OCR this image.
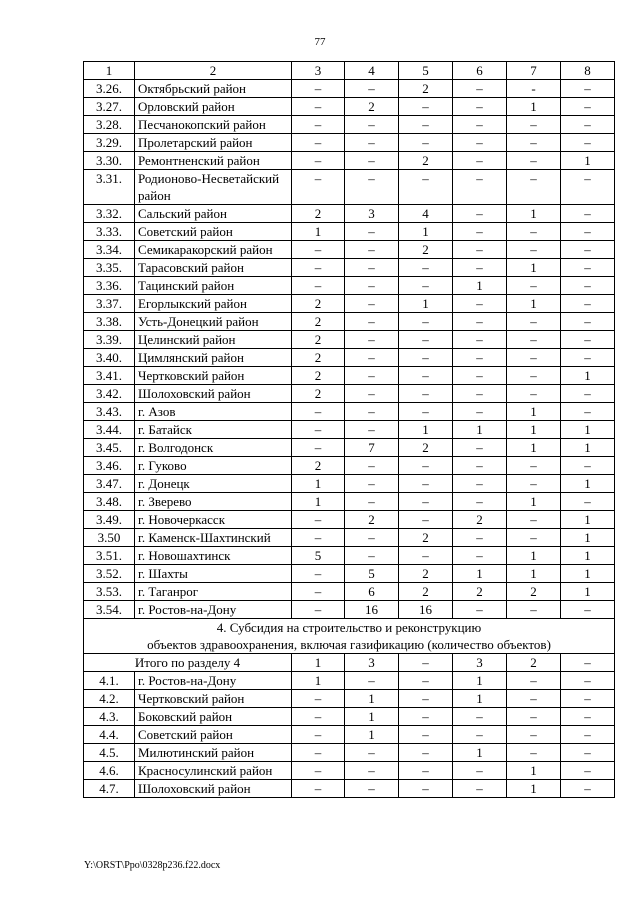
77
1	2	3	4	5	6	7	8
3.26.	Октябрьский район	–	–	2	–	-	–
3.27.	Орловский район	–	2	–	–	1	–
3.28.	Песчанокопский район	–	–	–	–	–	–
3.29.	Пролетарский район	–	–	–	–	–	–
3.30.	Ремонтненский район	–	–	2	–	–	1
3.31.	Родионово-Несветайский район	–	–	–	–	–	–
3.32.	Сальский район	2	3	4	–	1	–
3.33.	Советский район	1	–	1	–	–	–
3.34.	Семикаракорский район	–	–	2	–	–	–
3.35.	Тарасовский район	–	–	–	–	1	–
3.36.	Тацинский район	–	–	–	1	–	–
3.37.	Егорлыкский район	2	–	1	–	1	–
3.38.	Усть-Донецкий район	2	–	–	–	–	–
3.39.	Целинский район	2	–	–	–	–	–
3.40.	Цимлянский район	2	–	–	–	–	–
3.41.	Чертковский район	2	–	–	–	–	1
3.42.	Шолоховский район	2	–	–	–	–	–
3.43.	г. Азов	–	–	–	–	1	–
3.44.	г. Батайск	–	–	1	1	1	1
3.45.	г. Волгодонск	–	7	2	–	1	1
3.46.	г. Гуково	2	–	–	–	–	–
3.47.	г. Донецк	1	–	–	–	–	1
3.48.	г. Зверево	1	–	–	–	1	–
3.49.	г. Новочеркасск	–	2	–	2	–	1
3.50	г. Каменск-Шахтинский	–	–	2	–	–	1
3.51.	г. Новошахтинск	5	–	–	–	1	1
3.52.	г. Шахты	–	5	2	1	1	1
3.53.	г. Таганрог	–	6	2	2	2	1
3.54.	г. Ростов-на-Дону	–	16	16	–	–	–

4. Субсидия на строительство и реконструкцию
объектов здравоохранения, включая газификацию (количество объектов)							

Итого по разделу 4		1	3	–	3	2	–
4.1.	г. Ростов-на-Дону	1	–	–	1	–	–
4.2.	Чертковский район	–	1	–	1	–	–
4.3.	Боковский район	–	1	–	–	–	–
4.4.	Советский район	–	1	–	–	–	–
4.5.	Милютинский район	–	–	–	1	–	–
4.6.	Красносулинский район	–	–	–	–	1	–
4.7.	Шолоховский район	–	–	–	–	1	–
Y:\ORST\Ppo\0328p236.f22.docx
